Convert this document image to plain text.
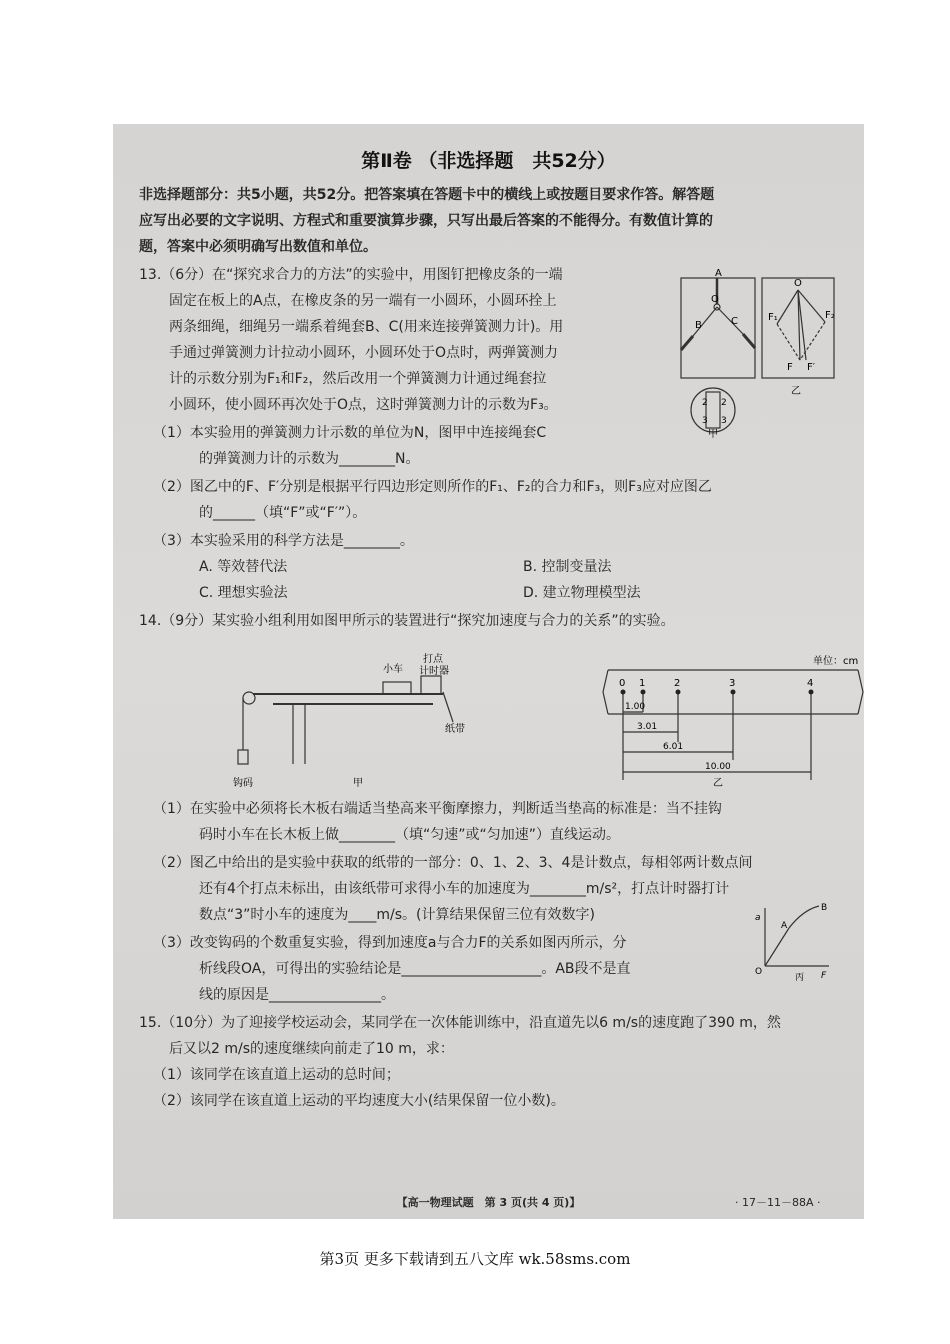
第Ⅱ卷 （非选择题　共52分）
非选择题部分：共5小题，共52分。把答案填在答题卡中的横线上或按题目要求作答。解答题
应写出必要的文字说明、方程式和重要演算步骤，只写出最后答案的不能得分。有数值计算的
题，答案中必须明确写出数值和单位。
13.（6分）在“探究求合力的方法”的实验中，用图钉把橡皮条的一端
固定在板上的A点，在橡皮条的另一端有一小圆环，小圆环拴上
两条细绳，细绳另一端系着绳套B、C(用来连接弹簧测力计)。用
手通过弹簧测力计拉动小圆环，小圆环处于O点时，两弹簧测力
计的示数分别为F₁和F₂，然后改用一个弹簧测力计通过绳套拉
小圆环，使小圆环再次处于O点，这时弹簧测力计的示数为F₃。
（1）本实验用的弹簧测力计示数的单位为N，图甲中连接绳套C
的弹簧测力计的示数为________N。
（2）图乙中的F、F′分别是根据平行四边形定则所作的F₁、F₂的合力和F₃，则F₃应对应图乙
的______（填“F”或“F′”）。
（3）本实验采用的科学方法是________。
A. 等效替代法	B. 控制变量法
C. 理想实验法	D. 建立物理模型法
A
O
B	C
O
F₁	F₂
F F′
2
3
2
3
乙
甲
14.（9分）某实验小组利用如图甲所示的装置进行“探究加速度与合力的关系”的实验。
小车
打点
计时器
纸带
钩码	甲
单位：cm
0 1	2	3	4
1.00
3.01
6.01
10.00
乙
（1）在实验中必须将长木板右端适当垫高来平衡摩擦力，判断适当垫高的标准是：当不挂钩
码时小车在长木板上做________（填“匀速”或“匀加速”）直线运动。
（2）图乙中给出的是实验中获取的纸带的一部分：0、1、2、3、4是计数点，每相邻两计数点间
还有4个打点未标出，由该纸带可求得小车的加速度为________m/s²，打点计时器打计
数点“3”时小车的速度为____m/s。(计算结果保留三位有效数字)
（3）改变钩码的个数重复实验，得到加速度a与合力F的关系如图丙所示，分
析线段OA，可得出的实验结论是____________________。AB段不是直
线的原因是________________。
a
F
O
A
B
丙
15.（10分）为了迎接学校运动会，某同学在一次体能训练中，沿直道先以6 m/s的速度跑了390 m，然
后又以2 m/s的速度继续向前走了10 m，求：
（1）该同学在该直道上运动的总时间；
（2）该同学在该直道上运动的平均速度大小(结果保留一位小数)。
【高一物理试题　第 3 页(共 4 页)】	· 17－11－88A ·
第3页 更多下载请到五八文库 wk.58sms.com
